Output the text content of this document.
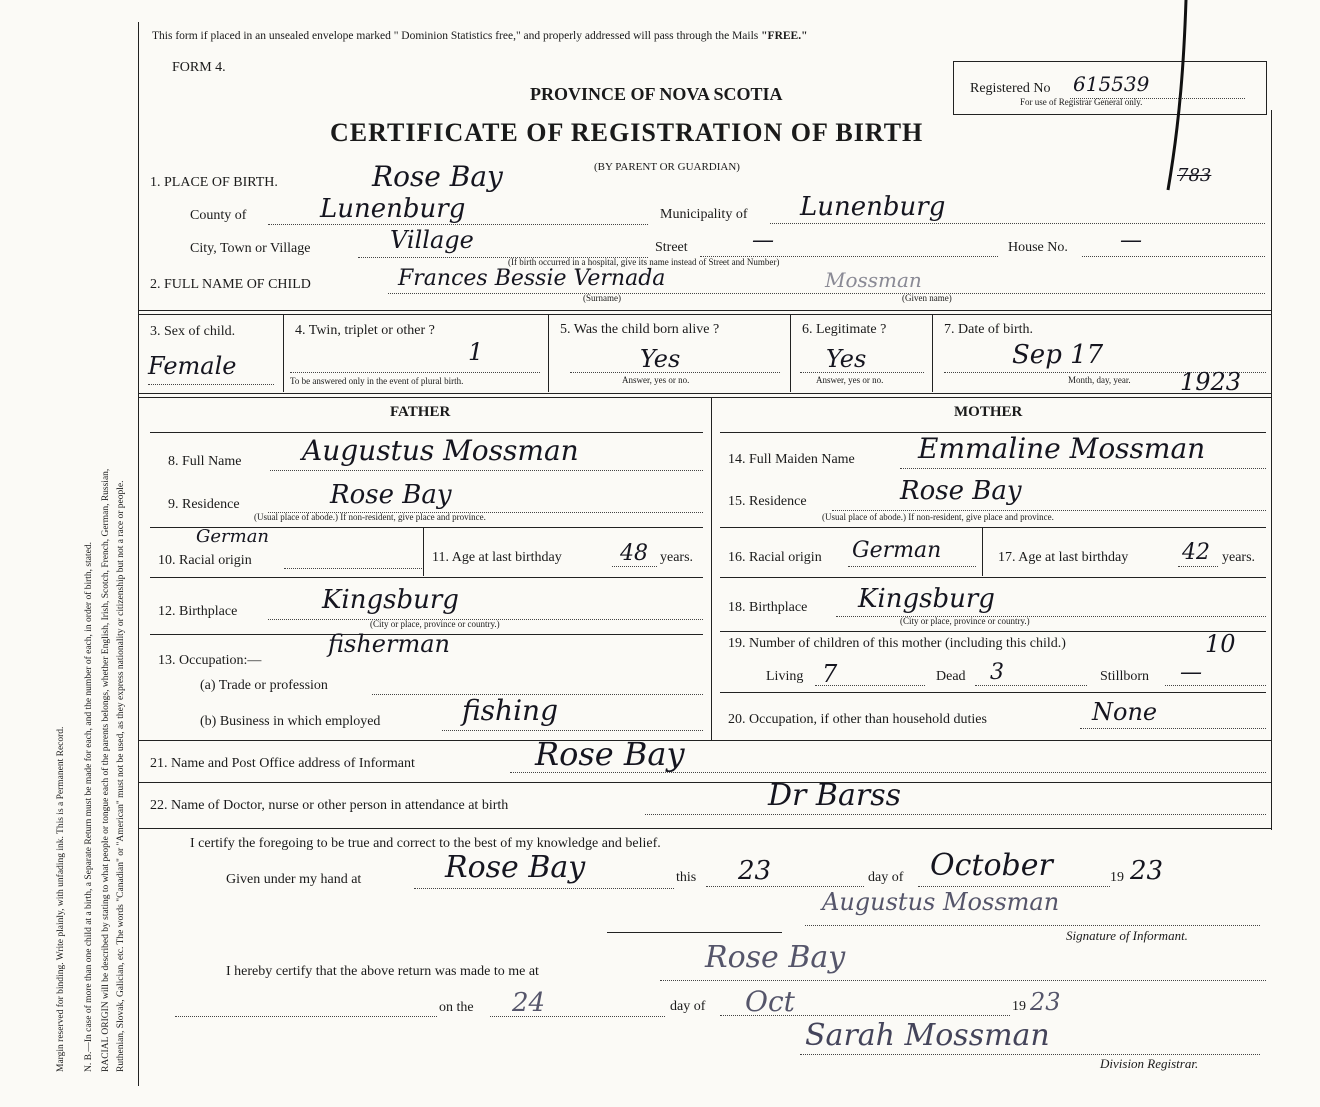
Margin reserved for binding. Write plainly, with unfading ink. This is a Permanent Record. N. B.—In case of more than one child at a birth, a Separate Return must be made for each, and the number of each, in order of birth, stated. RACIAL ORIGIN will be described by stating to what people or tongue each of the parents belongs, whether English, Irish, Scotch, French, German, Russian, Ruthenian, Slovak, Galician, etc. The words "Canadian" or "American" must not be used, as they express nationality or citizenship but not a race or people.
This form if placed in an unsealed envelope marked " Dominion Statistics free," and properly addressed will pass through the Mails "FREE."
FORM 4.
PROVINCE OF NOVA SCOTIA
CERTIFICATE OF REGISTRATION OF BIRTH
(BY PARENT OR GUARDIAN)
Registered No 615539
For use of Registrar General only.
783
1. PLACE OF BIRTH.	Rose Bay
County of	Lunenburg	Municipality of Lunenburg
City, Town or Village	Village	Street	—	House No. —
(If birth occurred in a hospital, give its name instead of Street and Number)
2. FULL NAME OF CHILD	Frances Bessie Vernada	Mossman
(Surname)	(Given name)
3. Sex of child.
Female
4. Twin, triplet or other ?
1
To be answered only in the event of plural birth.
5. Was the child born alive ?
Yes
Answer, yes or no.
6. Legitimate ?
Yes
Answer, yes or no.
7. Date of birth.
Sep 17
Month, day, year. 1923
FATHER
8. Full Name Augustus Mossman
9. Residence	Rose Bay
(Usual place of abode.) If non-resident, give place and province.
German
10. Racial origin	11. Age at last birthday	48 years.
12. Birthplace	Kingsburg
(City or place, province or country.)
13. Occupation:—
fisherman
(a) Trade or profession
(b) Business in which employed	fishing
MOTHER
14. Full Maiden Name Emmaline Mossman
15. Residence	Rose Bay
(Usual place of abode.) If non-resident, give place and province.
16. Racial origin German	17. Age at last birthday 42 years.
18. Birthplace Kingsburg
(City or place, province or country.)
19. Number of children of this mother (including this child.)	10
Living 7	Dead 3	Stillborn —
20. Occupation, if other than household duties	None
21. Name and Post Office address of Informant	Rose Bay
22. Name of Doctor, nurse or other person in attendance at birth	Dr Barss
I certify the foregoing to be true and correct to the best of my knowledge and belief.
Given under my hand at	Rose Bay	this 23	day of October	19 23
Augustus Mossman
Signature of Informant.
I hereby certify that the above return was made to me at	Rose Bay
on the 24	day of Oct	19 23
Sarah Mossman
Division Registrar.
